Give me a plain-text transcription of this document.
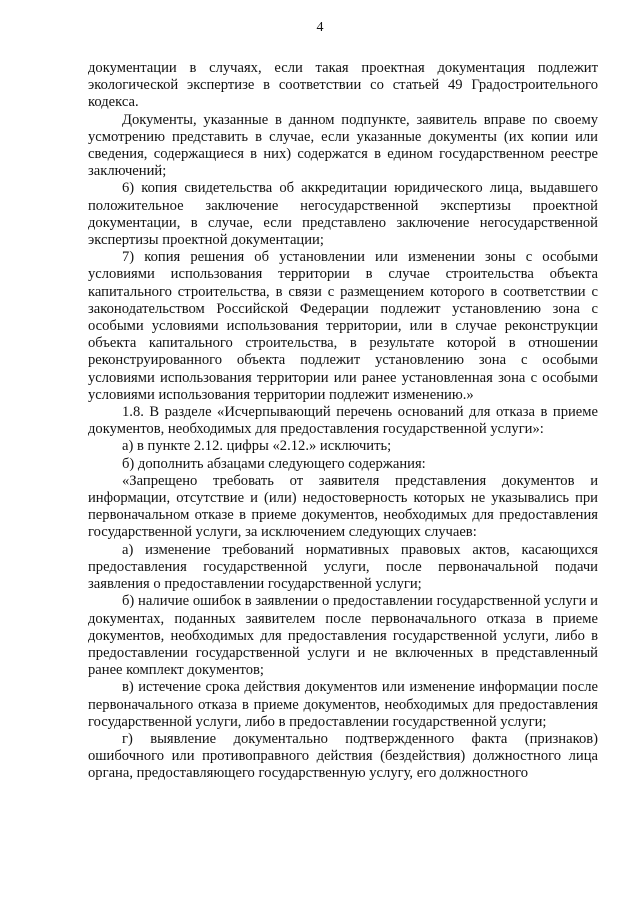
4

документации в случаях, если такая проектная документация подлежит экологической экспертизе в соответствии со статьей 49 Градостроительного кодекса.

Документы, указанные в данном подпункте, заявитель вправе по своему усмотрению представить в случае, если указанные документы (их копии или сведения, содержащиеся в них) содержатся в едином государственном реестре заключений;

6) копия свидетельства об аккредитации юридического лица, выдавшего положительное заключение негосударственной экспертизы проектной документации, в случае, если представлено заключение негосударственной экспертизы проектной документации;

7) копия решения об установлении или изменении зоны с особыми условиями использования территории в случае строительства объекта капитального строительства, в связи с размещением которого в соответствии с законодательством Российской Федерации подлежит установлению зона с особыми условиями использования территории, или в случае реконструкции объекта капитального строительства, в результате которой в отношении реконструированного объекта подлежит установлению зона с особыми условиями использования территории или ранее установленная зона с особыми условиями использования территории подлежит изменению.»

1.8. В разделе «Исчерпывающий перечень оснований для отказа в приеме документов, необходимых для предоставления государственной услуги»:

а) в пункте 2.12. цифры «2.12.» исключить;

б) дополнить абзацами следующего содержания:

«Запрещено требовать от заявителя представления документов и информации, отсутствие и (или) недостоверность которых не указывались при первоначальном отказе в приеме документов, необходимых для предоставления государственной услуги, за исключением следующих случаев:

а) изменение требований нормативных правовых актов, касающихся предоставления государственной услуги, после первоначальной подачи заявления о предоставлении государственной услуги;

б) наличие ошибок в заявлении о предоставлении государственной услуги и документах, поданных заявителем после первоначального отказа в приеме документов, необходимых для предоставления государственной услуги, либо в предоставлении государственной услуги и не включенных в представленный ранее комплект документов;

в) истечение срока действия документов или изменение информации после первоначального отказа в приеме документов, необходимых для предоставления государственной услуги, либо в предоставлении государственной услуги;

г) выявление документально подтвержденного факта (признаков) ошибочного или противоправного действия (бездействия) должностного лица органа, предоставляющего государственную услугу, его должностного
